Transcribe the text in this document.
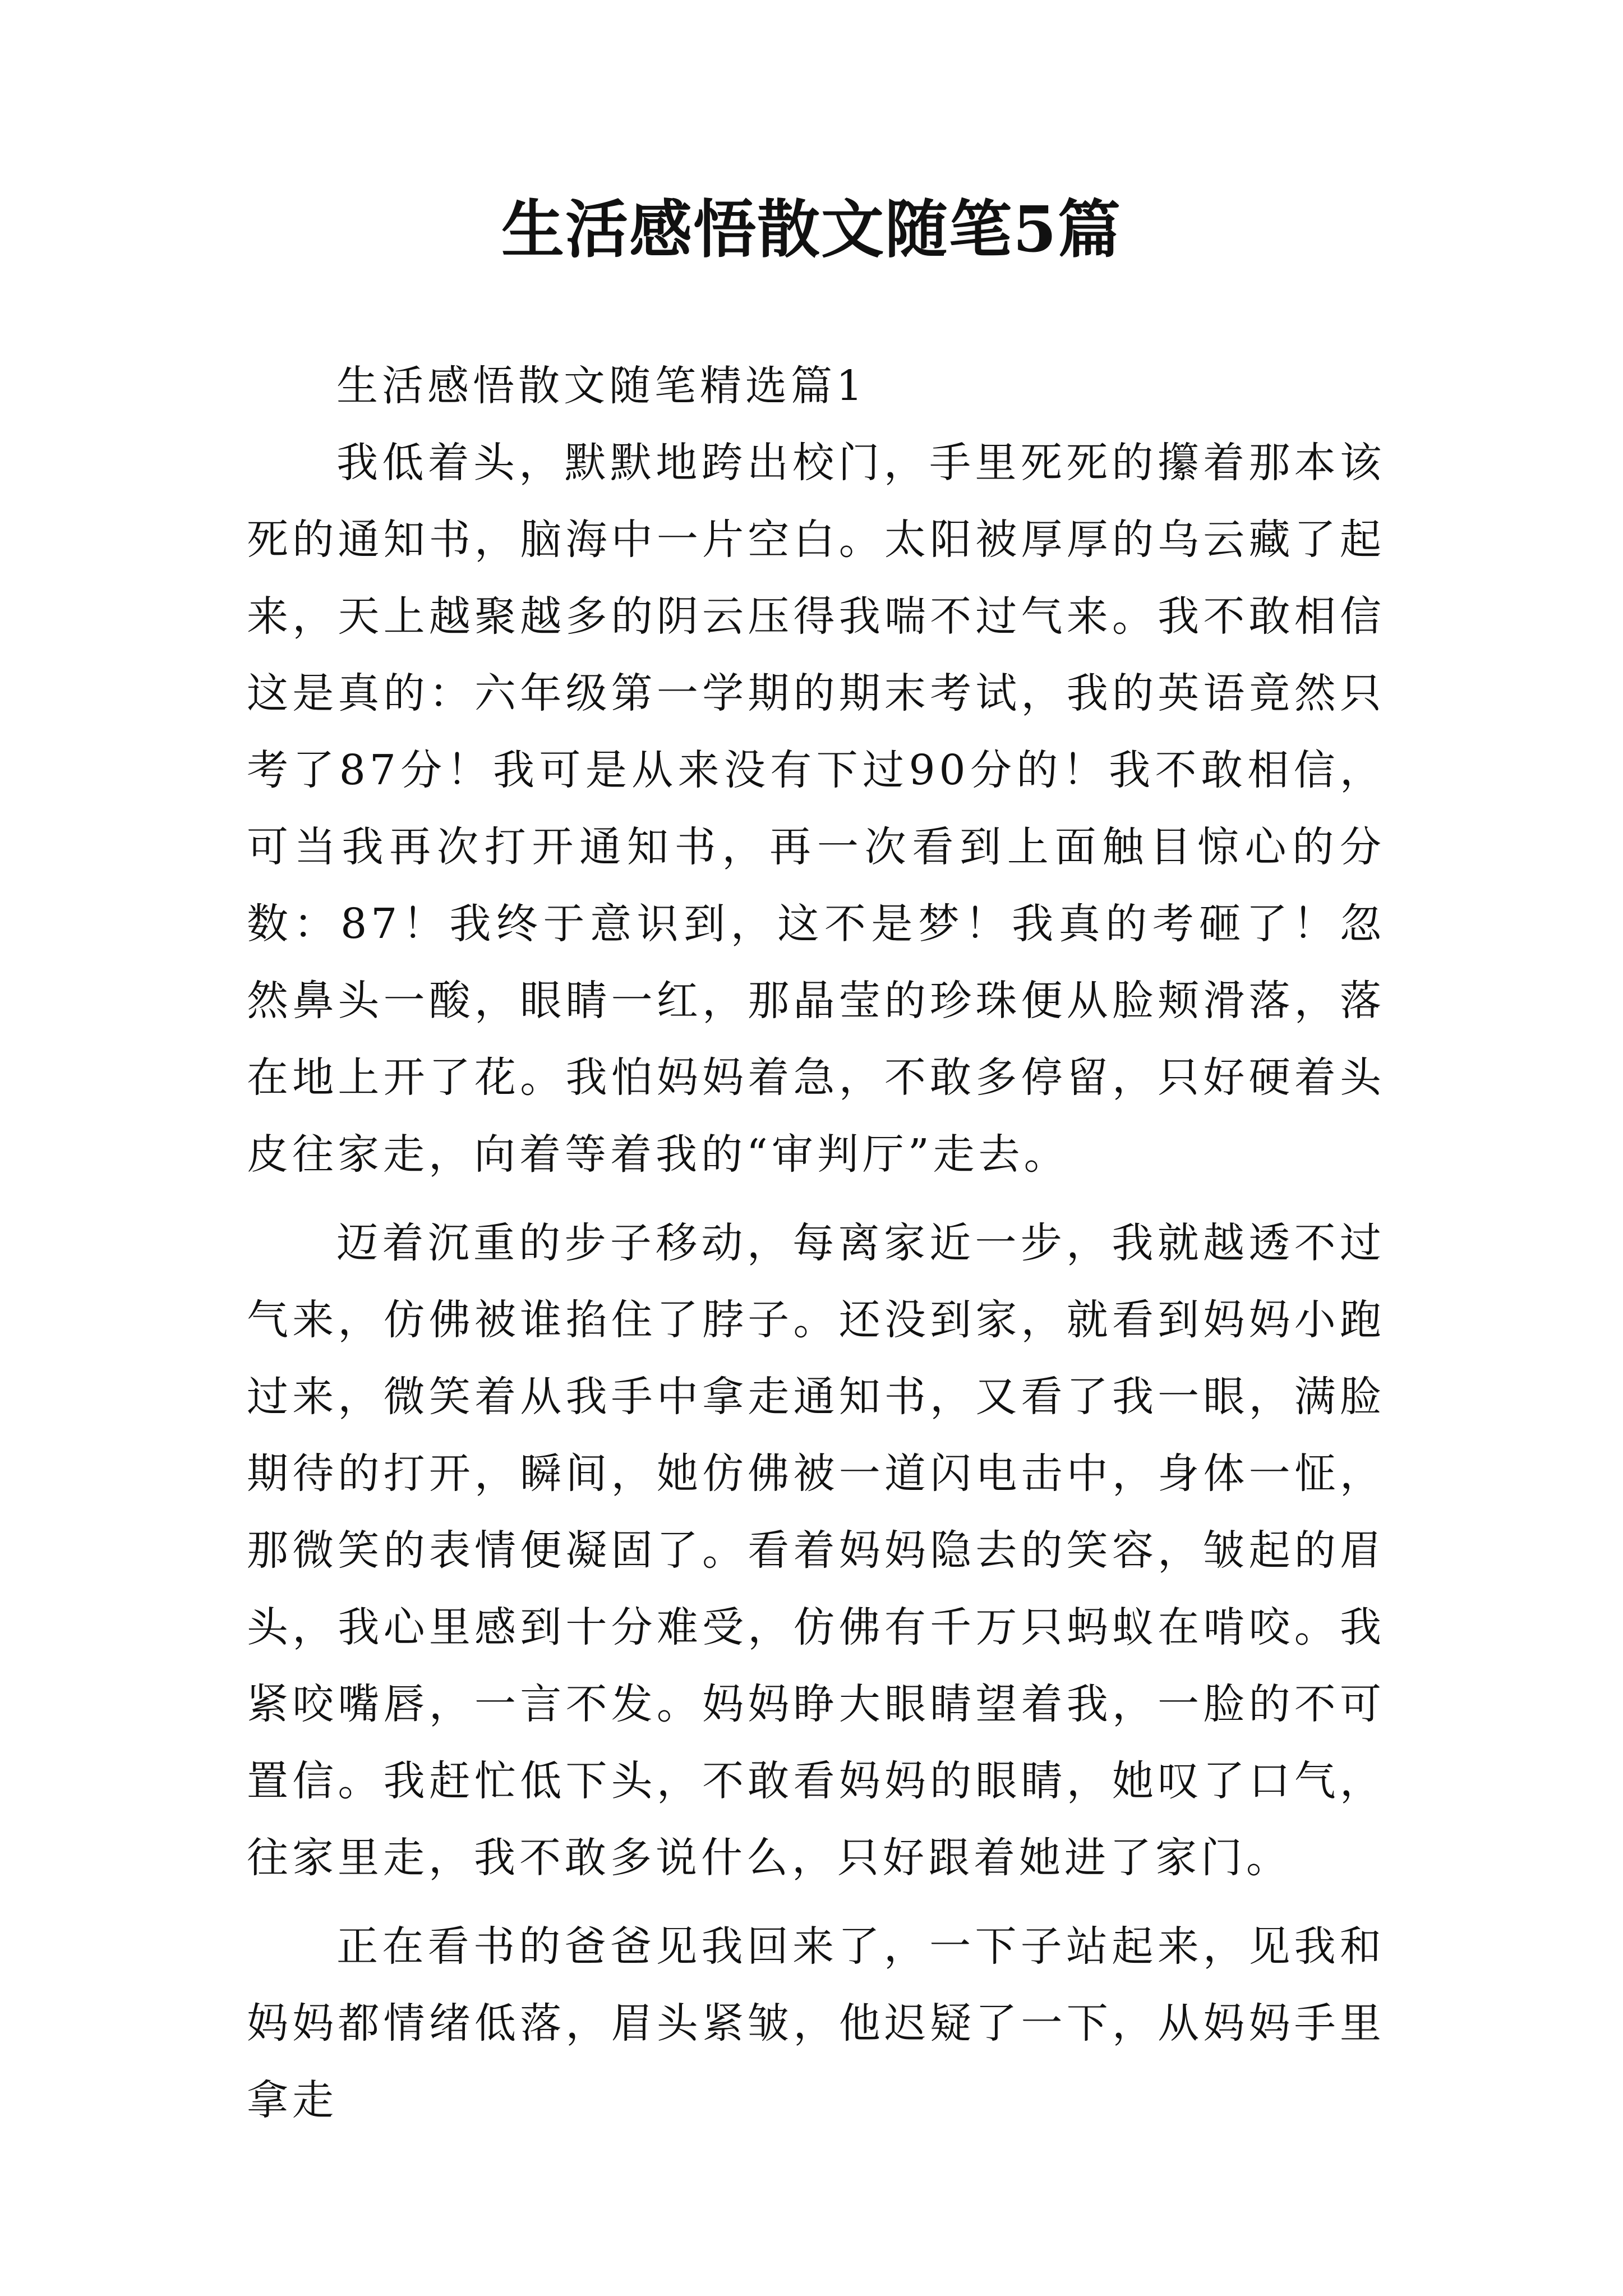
生活感悟散文随笔5篇

生活感悟散文随笔精选篇1

我低着头，默默地跨出校门，手里死死的攥着那本该死的通知书，脑海中一片空白。太阳被厚厚的乌云藏了起来，天上越聚越多的阴云压得我喘不过气来。我不敢相信这是真的：六年级第一学期的期末考试，我的英语竟然只考了87分！我可是从来没有下过90分的！我不敢相信，可当我再次打开通知书，再一次看到上面触目惊心的分数：87！我终于意识到，这不是梦！我真的考砸了！忽然鼻头一酸，眼睛一红，那晶莹的珍珠便从脸颊滑落，落在地上开了花。我怕妈妈着急，不敢多停留，只好硬着头皮往家走，向着等着我的“审判厅”走去。

迈着沉重的步子移动，每离家近一步，我就越透不过气来，仿佛被谁掐住了脖子。还没到家，就看到妈妈小跑过来，微笑着从我手中拿走通知书，又看了我一眼，满脸期待的打开，瞬间，她仿佛被一道闪电击中，身体一怔，那微笑的表情便凝固了。看着妈妈隐去的笑容，皱起的眉头，我心里感到十分难受，仿佛有千万只蚂蚁在啃咬。我紧咬嘴唇，一言不发。妈妈睁大眼睛望着我，一脸的不可置信。我赶忙低下头，不敢看妈妈的眼睛，她叹了口气，往家里走，我不敢多说什么，只好跟着她进了家门。

正在看书的爸爸见我回来了，一下子站起来，见我和妈妈都情绪低落，眉头紧皱，他迟疑了一下，从妈妈手里拿走
